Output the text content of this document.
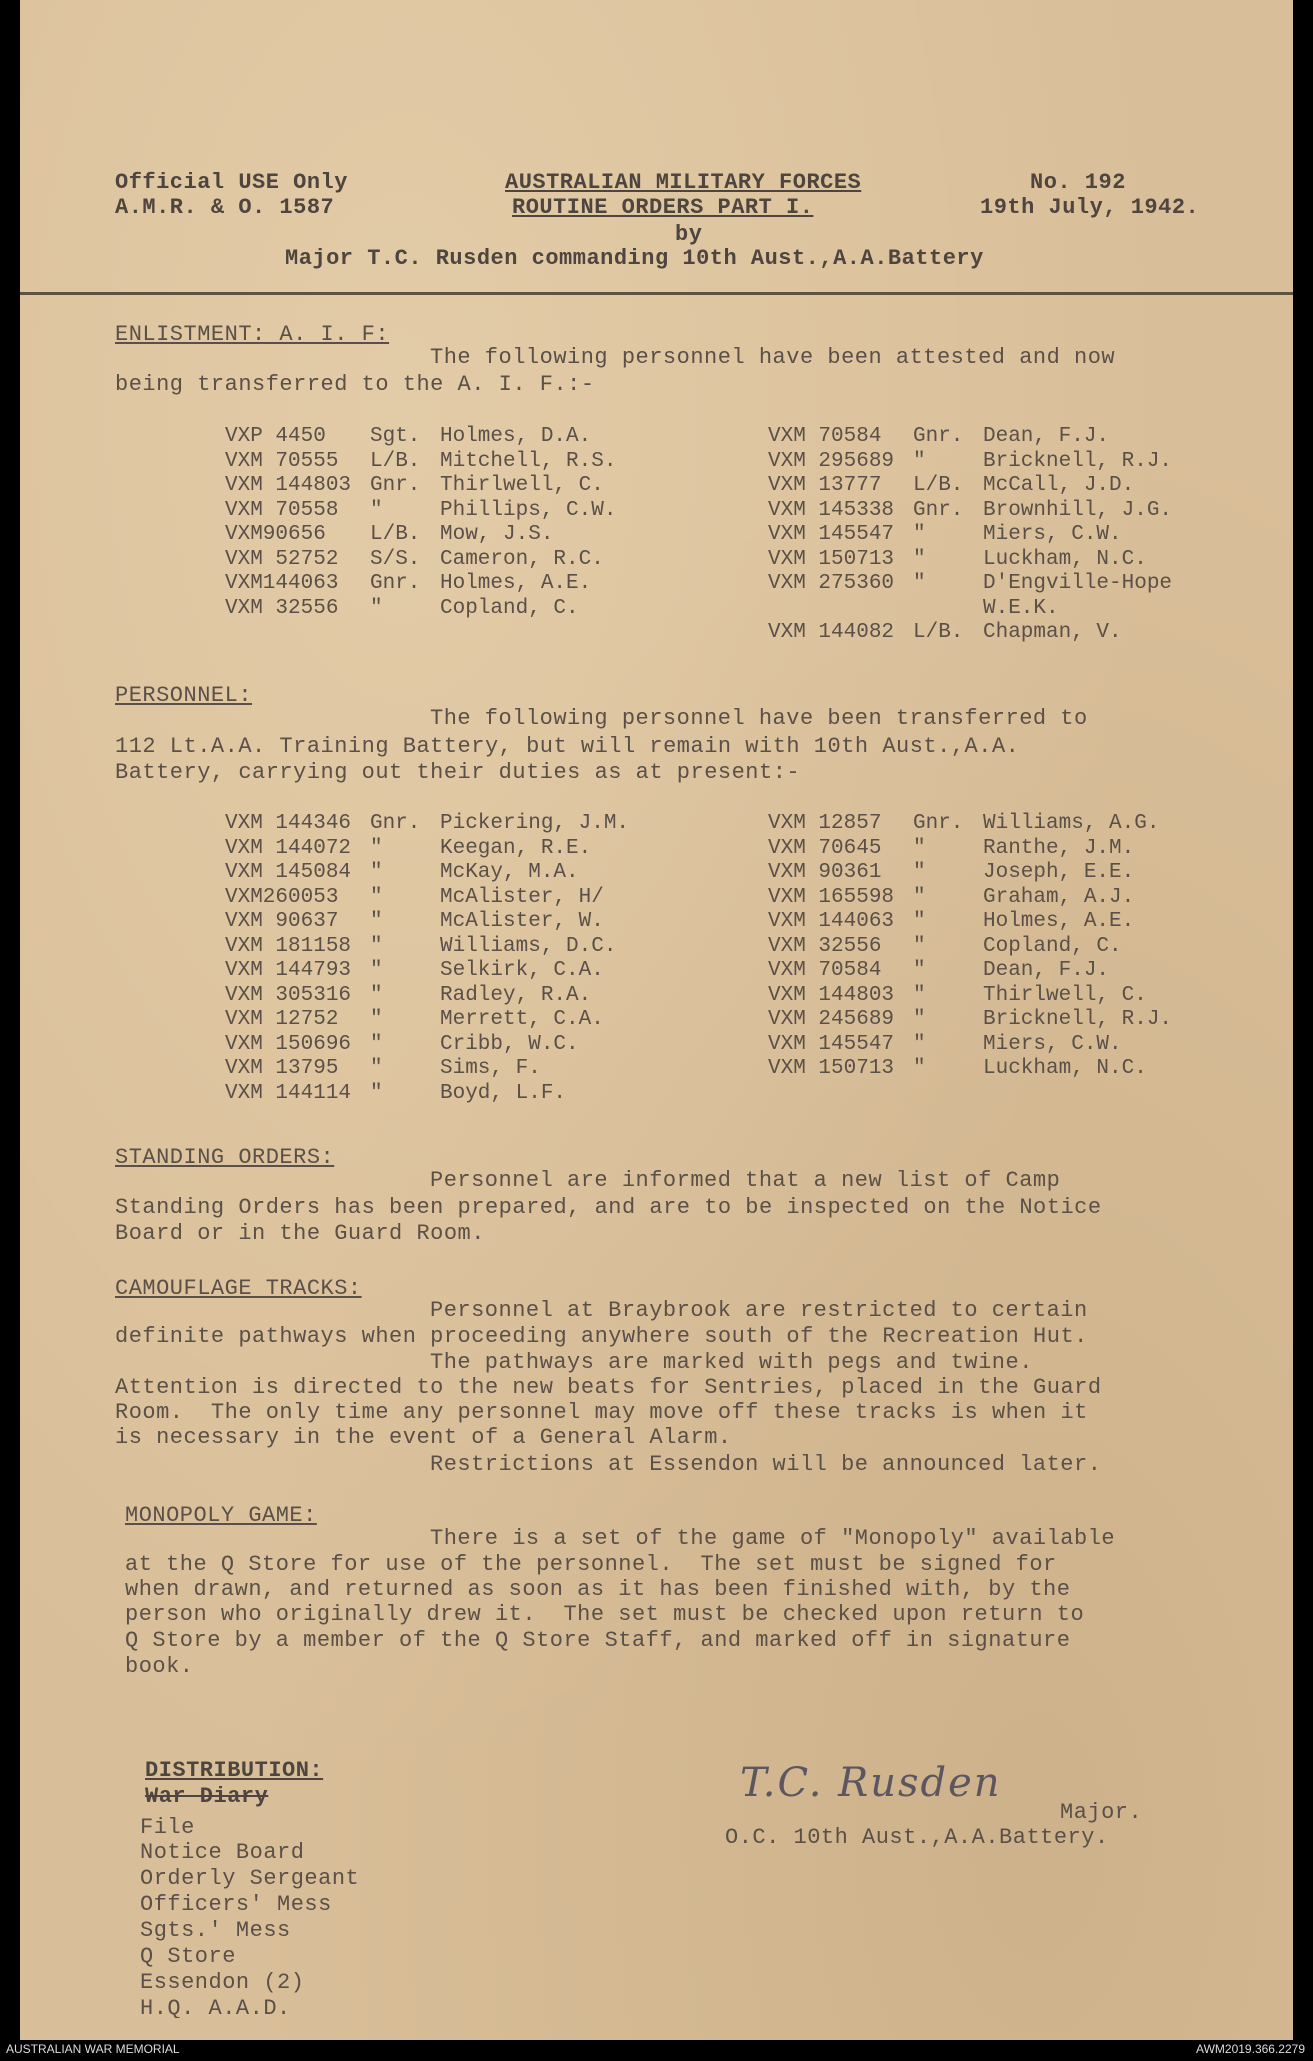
Official USE Only
A.M.R. & O. 1587
AUSTRALIAN MILITARY FORCES
ROUTINE ORDERS PART I.
by
No. 192
19th July, 1942.
Major T.C. Rusden commanding 10th Aust.,A.A.Battery
ENLISTMENT: A. I. F:
The following personnel have been attested and now
being transferred to the A. I. F.:-
VXP 4450 Sgt. Holmes, D.A.
VXM 70555 L/B. Mitchell, R.S.
VXM 144803 Gnr. Thirlwell, C.
VXM 70558 "	Phillips, C.W.
VXM90656 L/B. Mow, J.S.
VXM 52752 S/S. Cameron, R.C.
VXM144063 Gnr. Holmes, A.E.
VXM 32556 "	Copland, C.
VXM 70584 Gnr. Dean, F.J.
VXM 295689 "	Bricknell, R.J.
VXM 13777 L/B. McCall, J.D.
VXM 145338 Gnr. Brownhill, J.G.
VXM 145547 "	Miers, C.W.
VXM 150713 "	Luckham, N.C.
VXM 275360 "	D'Engville-Hope
W.E.K.
VXM 144082 L/B. Chapman, V.
PERSONNEL:
The following personnel have been transferred to
112 Lt.A.A. Training Battery, but will remain with 10th Aust.,A.A.
Battery, carrying out their duties as at present:-
VXM 144346 Gnr. Pickering, J.M.
VXM 144072 "	Keegan, R.E.
VXM 145084 "	McKay, M.A.
VXM260053 "	McAlister, H/
VXM 90637 "	McAlister, W.
VXM 181158 "	Williams, D.C.
VXM 144793 "	Selkirk, C.A.
VXM 305316 "	Radley, R.A.
VXM 12752 "	Merrett, C.A.
VXM 150696 "	Cribb, W.C.
VXM 13795 "	Sims, F.
VXM 144114 "	Boyd, L.F.
VXM 12857 Gnr. Williams, A.G.
VXM 70645 "	Ranthe, J.M.
VXM 90361 "	Joseph, E.E.
VXM 165598 "	Graham, A.J.
VXM 144063 "	Holmes, A.E.
VXM 32556 "	Copland, C.
VXM 70584 "	Dean, F.J.
VXM 144803 "	Thirlwell, C.
VXM 245689 "	Bricknell, R.J.
VXM 145547 "	Miers, C.W.
VXM 150713 "	Luckham, N.C.
STANDING ORDERS:
Personnel are informed that a new list of Camp
Standing Orders has been prepared, and are to be inspected on the Notice
Board or in the Guard Room.
CAMOUFLAGE TRACKS:
Personnel at Braybrook are restricted to certain
definite pathways when proceeding anywhere south of the Recreation Hut.
The pathways are marked with pegs and twine.
Attention is directed to the new beats for Sentries, placed in the Guard
Room.  The only time any personnel may move off these tracks is when it
is necessary in the event of a General Alarm.
Restrictions at Essendon will be announced later.
MONOPOLY GAME:
There is a set of the game of "Monopoly" available
at the Q Store for use of the personnel.  The set must be signed for
when drawn, and returned as soon as it has been finished with, by the
person who originally drew it.  The set must be checked upon return to
Q Store by a member of the Q Store Staff, and marked off in signature
book.
T.C. Rusden
Major.
O.C. 10th Aust.,A.A.Battery.
DISTRIBUTION:
War Diary
File
Notice Board
Orderly Sergeant
Officers' Mess
Sgts.' Mess
Q Store
Essendon (2)
H.Q. A.A.D.
AUSTRALIAN WAR MEMORIAL	AWM2019.366.2279
